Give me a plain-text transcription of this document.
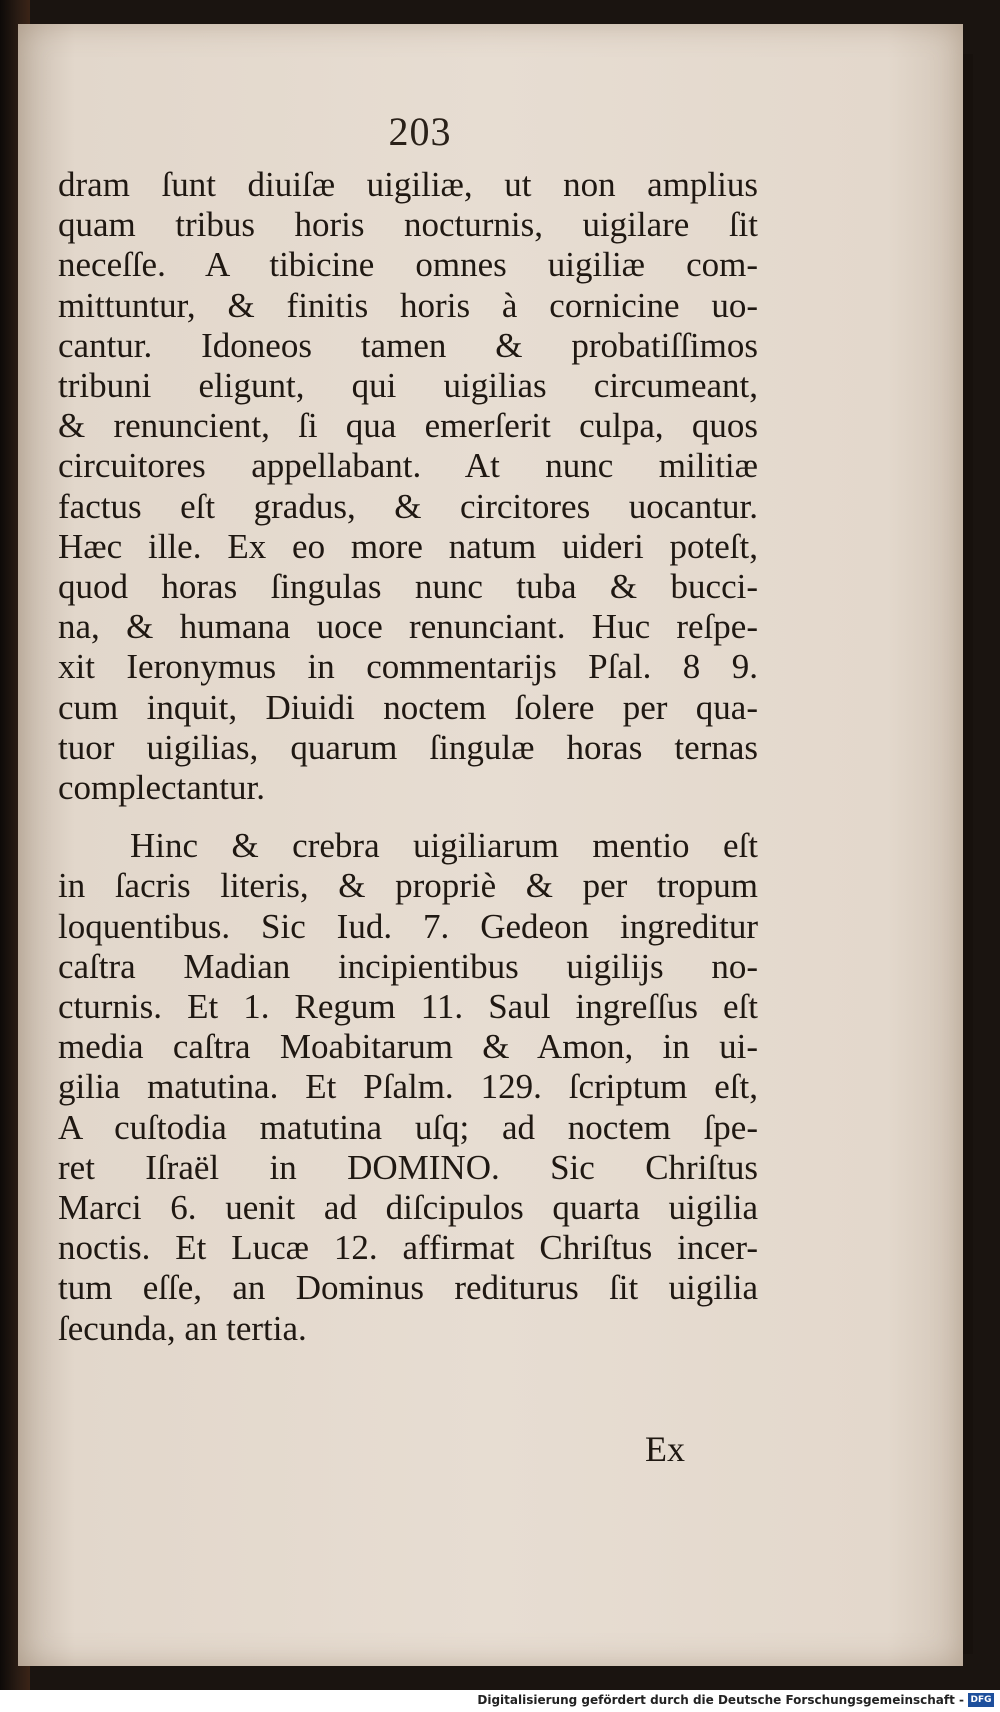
203
dram ſunt diuiſæ uigiliæ, ut non amplius
quam tribus horis nocturnis, uigilare ſit
neceſſe. A tibicine omnes uigiliæ com-
mittuntur, & finitis horis à cornicine uo-
cantur. Idoneos tamen & probatiſſimos
tribuni eligunt, qui uigilias circumeant,
& renuncient, ſi qua emerſerit culpa, quos
circuitores appellabant. At nunc militiæ
factus eſt gradus, & circitores uocantur.
Hæc ille. Ex eo more natum uideri poteſt,
quod horas ſingulas nunc tuba & bucci-
na, & humana uoce renunciant. Huc reſpe-
xit Ieronymus in commentarijs Pſal. 8 9.
cum inquit, Diuidi noctem ſolere per qua-
tuor uigilias, quarum ſingulæ horas ternas
complectantur.
Hinc & crebra uigiliarum mentio eſt
in ſacris literis, & propriè & per tropum
loquentibus. Sic Iud. 7. Gedeon ingreditur
caſtra Madian incipientibus uigilijs no-
cturnis. Et 1. Regum 11. Saul ingreſſus eſt
media caſtra Moabitarum & Amon, in ui-
gilia matutina. Et Pſalm. 129. ſcriptum eſt,
A cuſtodia matutina uſq; ad noctem ſpe-
ret Iſraël in DOMINO. Sic Chriſtus
Marci 6. uenit ad diſcipulos quarta uigilia
noctis. Et Lucæ 12. affirmat Chriſtus incer-
tum eſſe, an Dominus rediturus ſit uigilia
ſecunda, an tertia.
Ex
Digitalisierung gefördert durch die Deutsche Forschungsgemeinschaft - DFG
